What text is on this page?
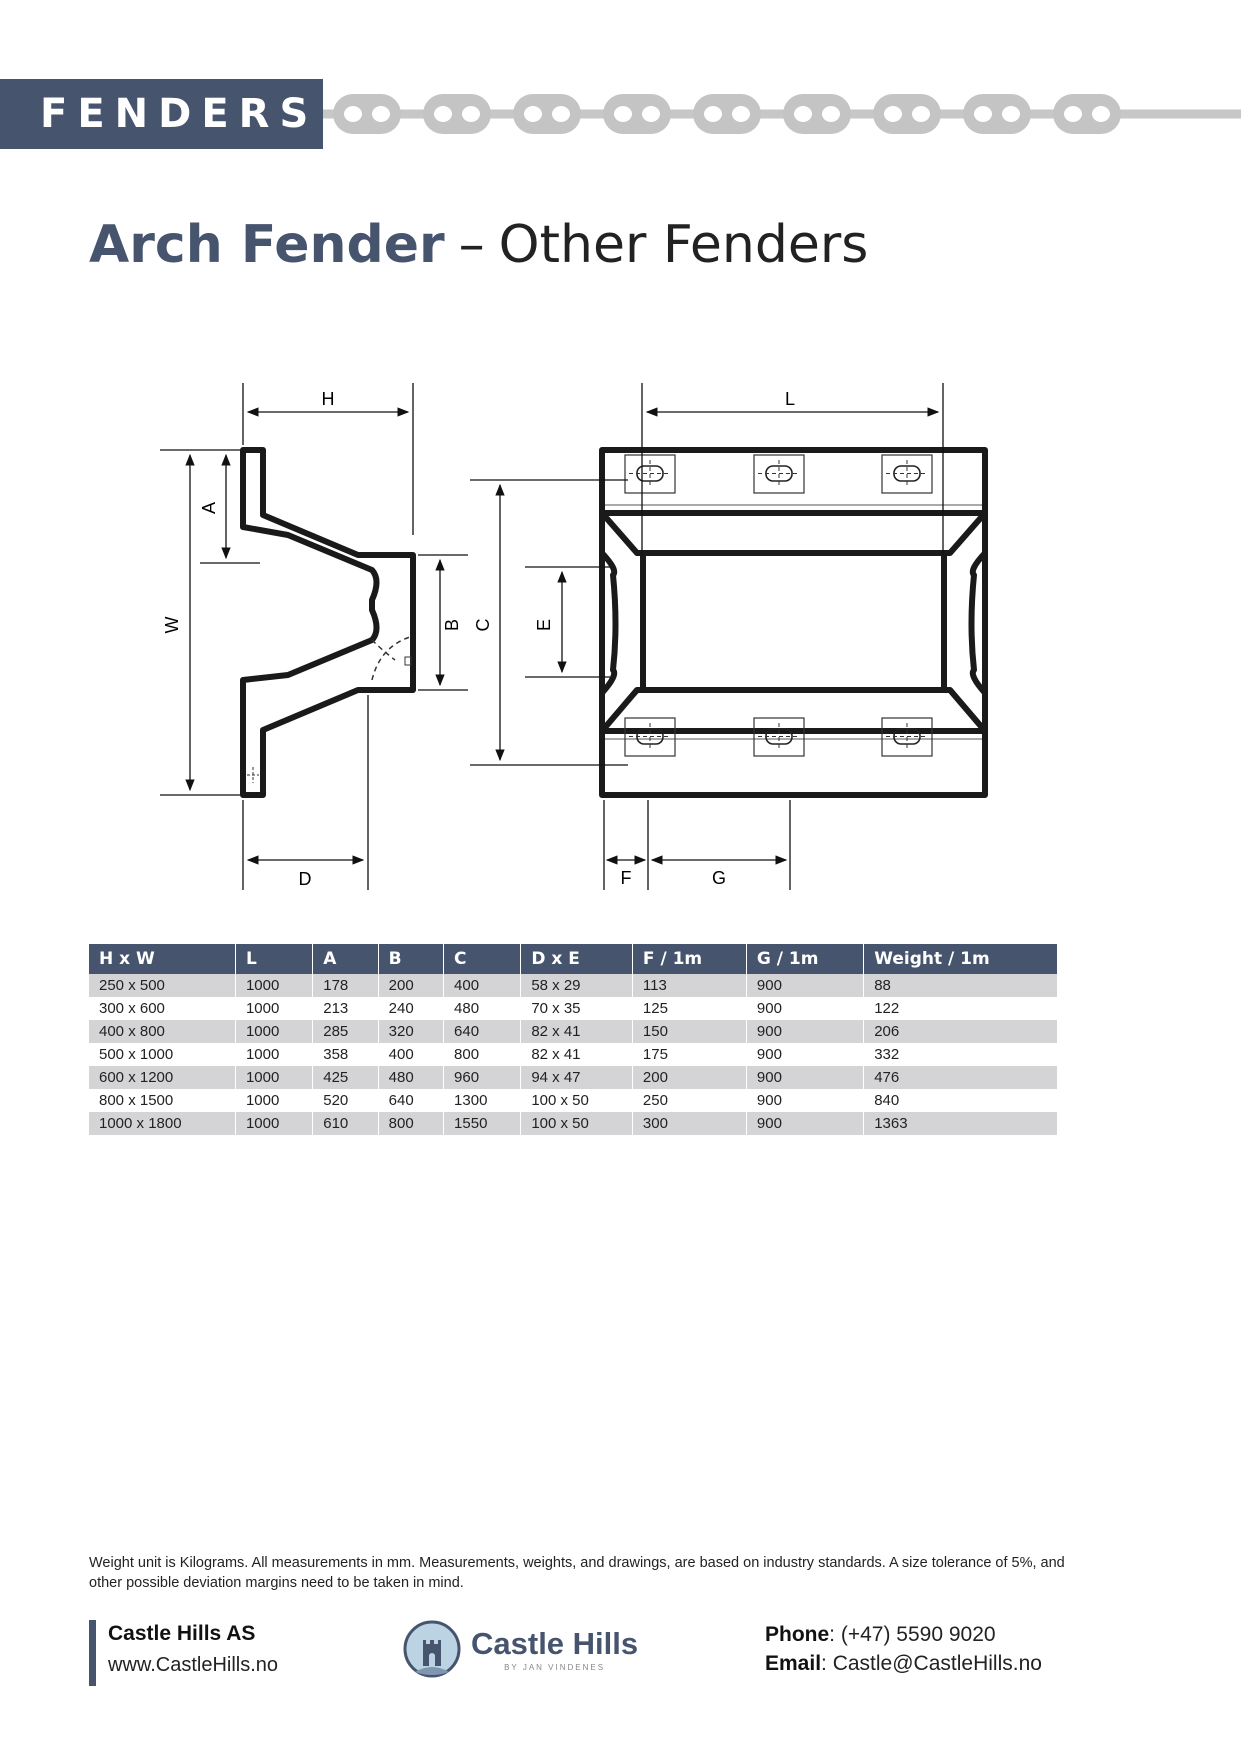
FENDERS
Arch Fender – Other Fenders
H
W
A
B
D
L
C E
F	G
H x W	L	A	B	C	D x E	F / 1m	G / 1m	Weight / 1m
250 x 500	1000	178	200	400	58 x 29	113	900	88
300 x 600	1000	213	240	480	70 x 35	125	900	122
400 x 800	1000	285	320	640	82 x 41	150	900	206
500 x 1000	1000	358	400	800	82 x 41	175	900	332
600 x 1200	1000	425	480	960	94 x 47	200	900	476
800 x 1500	1000	520	640	1300	100 x 50	250	900	840
1000 x 1800	1000	610	800	1550	100 x 50	300	900	1363
Weight unit is Kilograms. All measurements in mm. Measurements, weights, and drawings, are based on industry standards. A size tolerance of 5%, and other possible deviation margins need to be taken in mind.
Castle Hills AS
www.CastleHills.no
Castle Hills
BY JAN VINDENES
Phone: (+47) 5590 9020
Email: Castle@CastleHills.no
